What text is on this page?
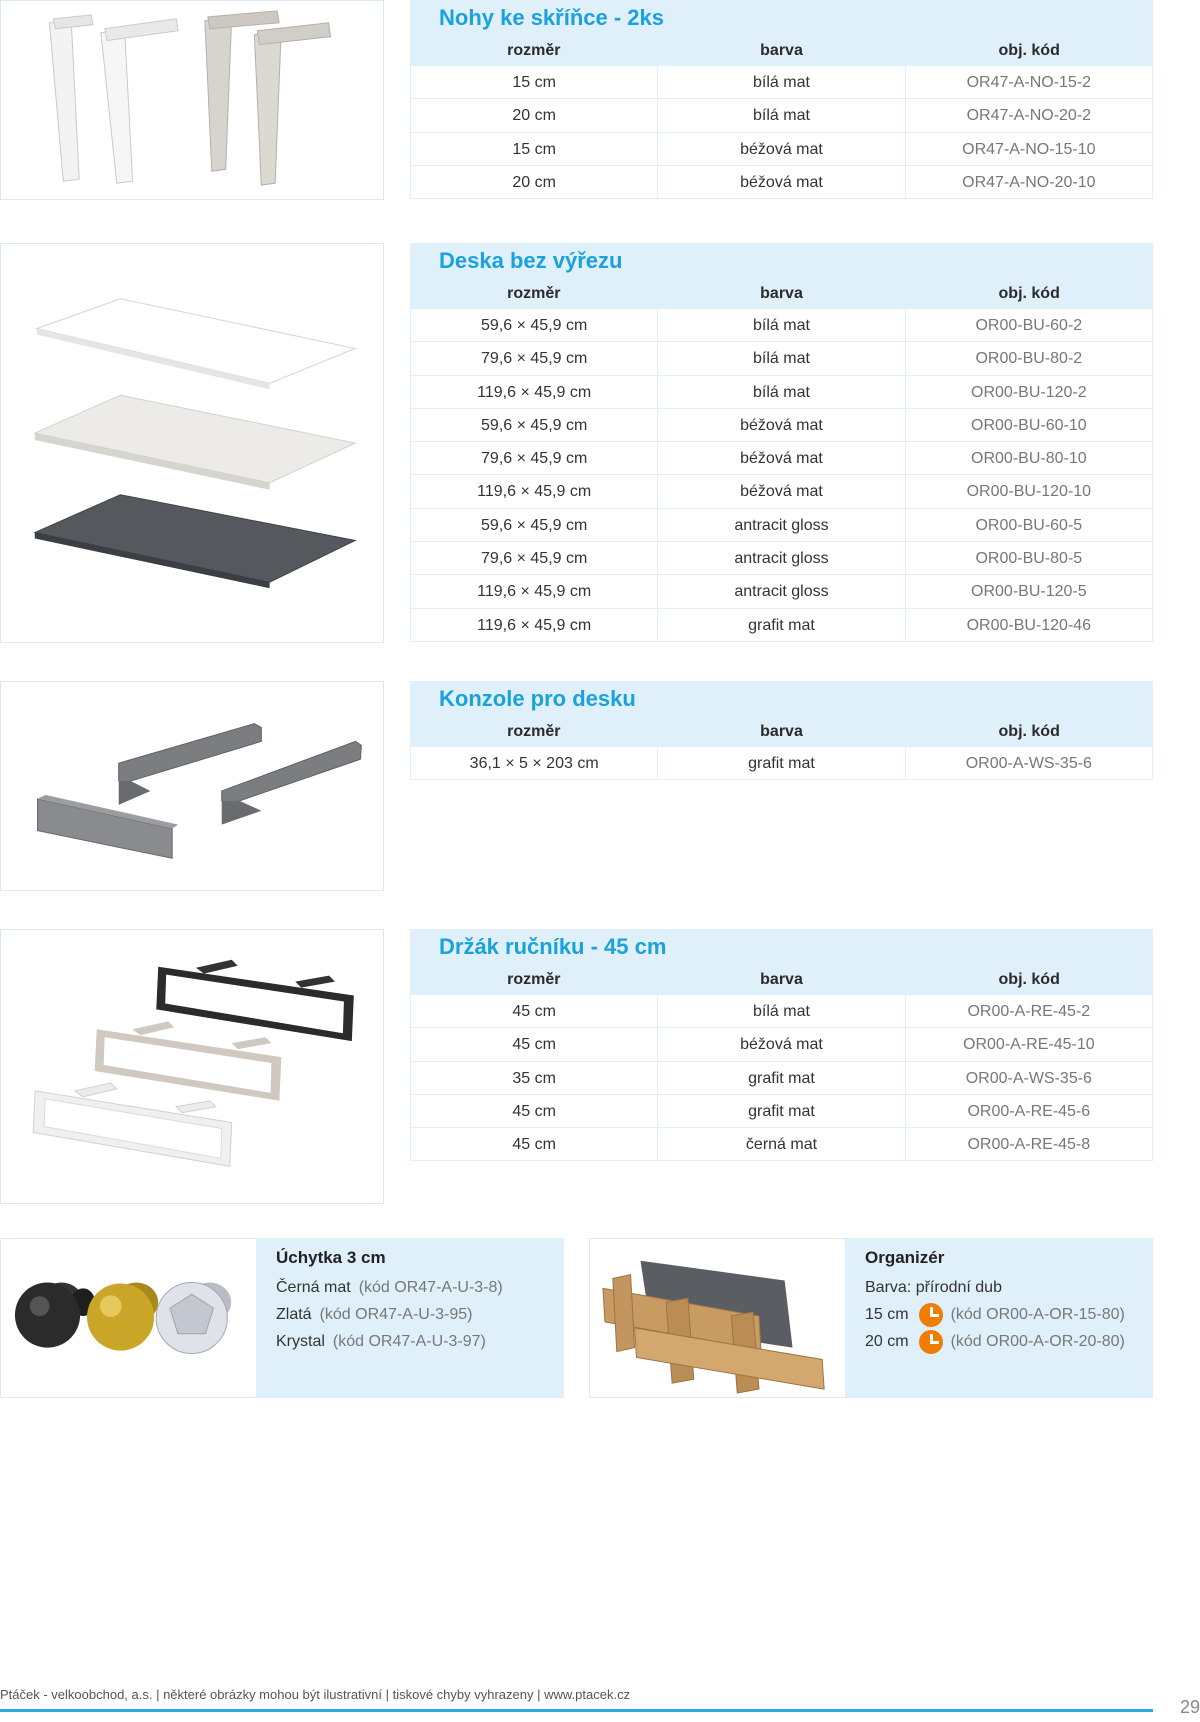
Nohy ke skříňce - 2ks
rozměr	barva	obj. kód
15 cm	bílá mat	OR47-A-NO-15-2
20 cm	bílá mat	OR47-A-NO-20-2
15 cm	béžová mat	OR47-A-NO-15-10
20 cm	béžová mat	OR47-A-NO-20-10
Deska bez výřezu
rozměr	barva	obj. kód
59,6 × 45,9 cm	bílá mat	OR00-BU-60-2
79,6 × 45,9 cm	bílá mat	OR00-BU-80-2
119,6 × 45,9 cm	bílá mat	OR00-BU-120-2
59,6 × 45,9 cm	béžová mat	OR00-BU-60-10
79,6 × 45,9 cm	béžová mat	OR00-BU-80-10
119,6 × 45,9 cm	béžová mat	OR00-BU-120-10
59,6 × 45,9 cm	antracit gloss	OR00-BU-60-5
79,6 × 45,9 cm	antracit gloss	OR00-BU-80-5
119,6 × 45,9 cm	antracit gloss	OR00-BU-120-5
119,6 × 45,9 cm	grafit mat	OR00-BU-120-46
Konzole pro desku
rozměr	barva	obj. kód
36,1 × 5 × 203 cm	grafit mat	OR00-A-WS-35-6
Držák ručníku - 45 cm
rozměr	barva	obj. kód
45 cm	bílá mat	OR00-A-RE-45-2
45 cm	béžová mat	OR00-A-RE-45-10
35 cm	grafit mat	OR00-A-WS-35-6
45 cm	grafit mat	OR00-A-RE-45-6
45 cm	černá mat	OR00-A-RE-45-8
Úchytka 3 cm
Černá mat (kód OR47-A-U-3-8)
Zlatá (kód OR47-A-U-3-95)
Krystal (kód OR47-A-U-3-97)
Organizér
Barva: přírodní dub
15 cm	(kód OR00-A-OR-15-80)
20 cm	(kód OR00-A-OR-20-80)
Ptáček - velkoobchod, a.s. | některé obrázky mohou být ilustrativní | tiskové chyby vyhrazeny | www.ptacek.cz
29
